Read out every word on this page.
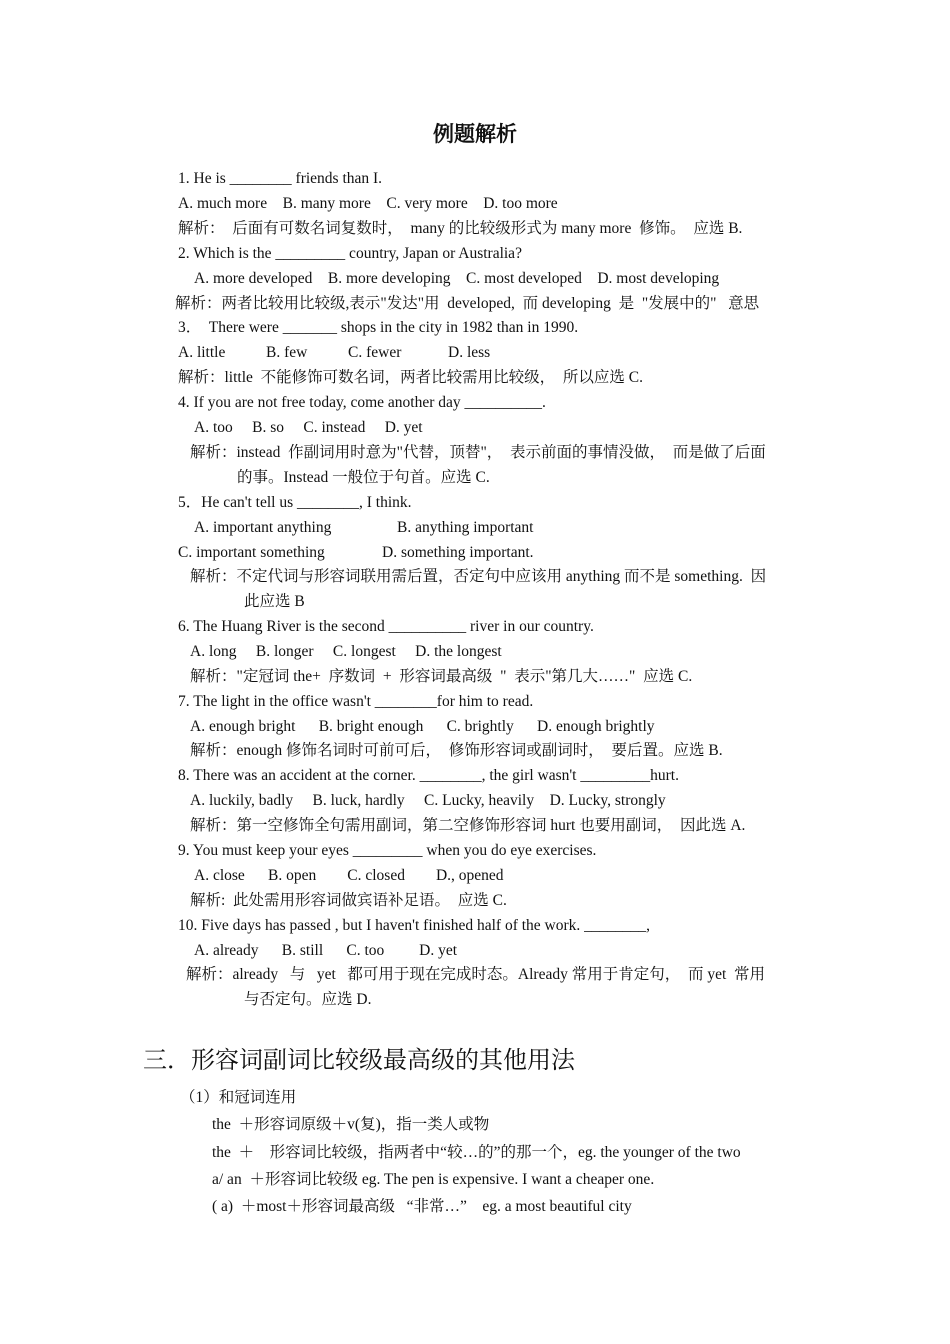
例题解析
1. He is ________ friends than I.
A. much more    B. many more    C. very more    D. too more
解析：  后面有可数名词复数时，  many 的比较级形式为 many more  修饰。  应选 B.
2. Which is the _________ country, Japan or Australia?
A. more developed    B. more developing    C. most developed    D. most developing
解析：两者比较用比较级,表示"发达"用  developed,  而 developing  是  "发展中的"   意思
3．  There were _______ shops in the city in 1982 than in 1990.
A. little	B. few	C. fewer	D. less
解析：little  不能修饰可数名词，两者比较需用比较级，  所以应选 C.
4. If you are not free today, come another day __________.
A. too     B. so     C. instead     D. yet
解析：instead  作副词用时意为"代替，顶替"，  表示前面的事情没做，  而是做了后面
的事。Instead 一般位于句首。应选 C.
5．He can't tell us ________, I think.
A. important anything	B. anything important
C. important something	D. something important.
解析：不定代词与形容词联用需后置，否定句中应该用 anything 而不是 something.  因
此应选 B
6. The Huang River is the second __________ river in our country.
A. long     B. longer     C. longest     D. the longest
解析："定冠词 the+  序数词  +  形容词最高级  "  表示"第几大……"  应选 C.
7. The light in the office wasn't ________for him to read.
A. enough bright      B. bright enough      C. brightly      D. enough brightly
解析：enough 修饰名词时可前可后，  修饰形容词或副词时，  要后置。应选 B.
8. There was an accident at the corner. ________, the girl wasn't _________hurt.
A. luckily, badly     B. luck, hardly     C. Lucky, heavily    D. Lucky, strongly
解析：第一空修饰全句需用副词，第二空修饰形容词 hurt 也要用副词，  因此选 A.
9. You must keep your eyes _________ when you do eye exercises.
A. close      B. open        C. closed        D., opened
解析:  此处需用形容词做宾语补足语。  应选 C.
10. Five days has passed , but I haven't finished half of the work. ________,
A. already      B. still      C. too         D. yet
解析：already   与   yet   都可用于现在完成时态。Already 常用于肯定句，  而 yet  常用
与否定句。应选 D.
三．形容词副词比较级最高级的其他用法
（1）和冠词连用
the  ＋形容词原级＋v(复)，指一类人或物
the  ＋    形容词比较级，指两者中“较…的”的那一个，eg. the younger of the two
a/ an  ＋形容词比较级 eg. The pen is expensive. I want a cheaper one.
( a)  ＋most＋形容词最高级   “非常…”    eg. a most beautiful city
